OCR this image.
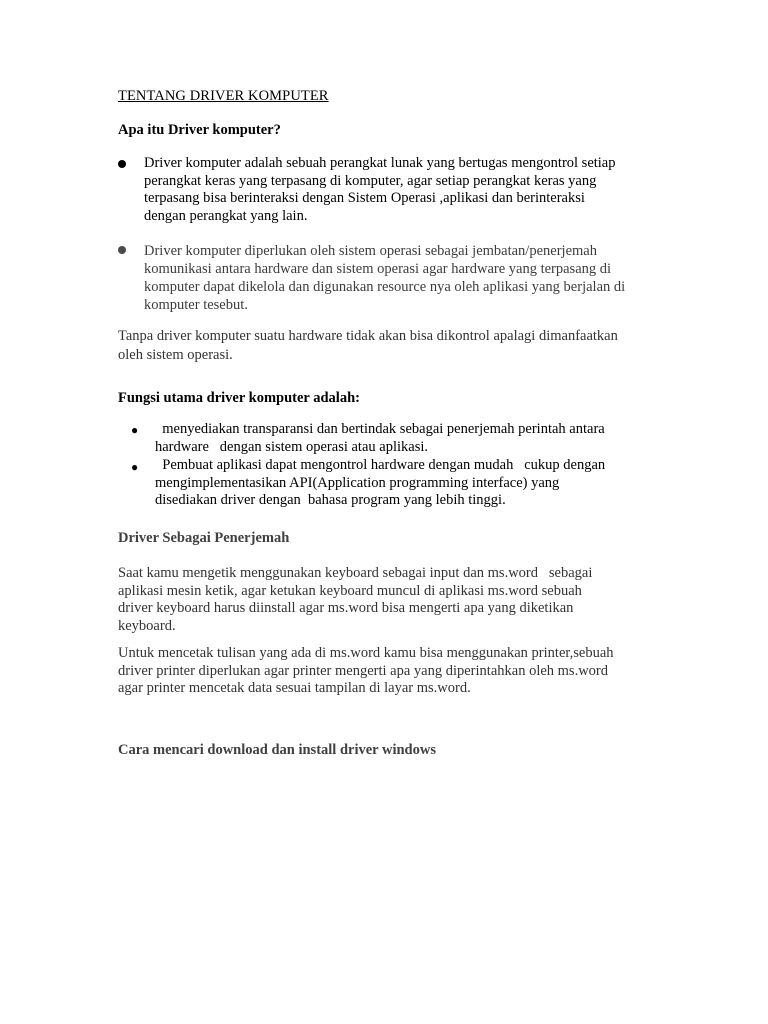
TENTANG DRIVER KOMPUTER
Apa itu Driver komputer?
Driver komputer adalah sebuah perangkat lunak yang bertugas mengontrol setiap
perangkat keras yang terpasang di komputer, agar setiap perangkat keras yang
terpasang bisa berinteraksi dengan Sistem Operasi ,aplikasi dan berinteraksi
dengan perangkat yang lain.
Driver komputer diperlukan oleh sistem operasi sebagai jembatan/penerjemah
komunikasi antara hardware dan sistem operasi agar hardware yang terpasang di
komputer dapat dikelola dan digunakan resource nya oleh aplikasi yang berjalan di
komputer tesebut.
Tanpa driver komputer suatu hardware tidak akan bisa dikontrol apalagi dimanfaatkan
oleh sistem operasi.
Fungsi utama driver komputer adalah:
● menyediakan transparansi dan bertindak sebagai penerjemah perintah antara
hardware   dengan sistem operasi atau aplikasi.
● Pembuat aplikasi dapat mengontrol hardware dengan mudah   cukup dengan
mengimplementasikan API(Application programming interface) yang
disediakan driver dengan  bahasa program yang lebih tinggi.
Driver Sebagai Penerjemah
Saat kamu mengetik menggunakan keyboard sebagai input dan ms.word   sebagai
aplikasi mesin ketik, agar ketukan keyboard muncul di aplikasi ms.word sebuah
driver keyboard harus diinstall agar ms.word bisa mengerti apa yang diketikan
keyboard.
Untuk mencetak tulisan yang ada di ms.word kamu bisa menggunakan printer,sebuah
driver printer diperlukan agar printer mengerti apa yang diperintahkan oleh ms.word
agar printer mencetak data sesuai tampilan di layar ms.word.
Cara mencari download dan install driver windows
